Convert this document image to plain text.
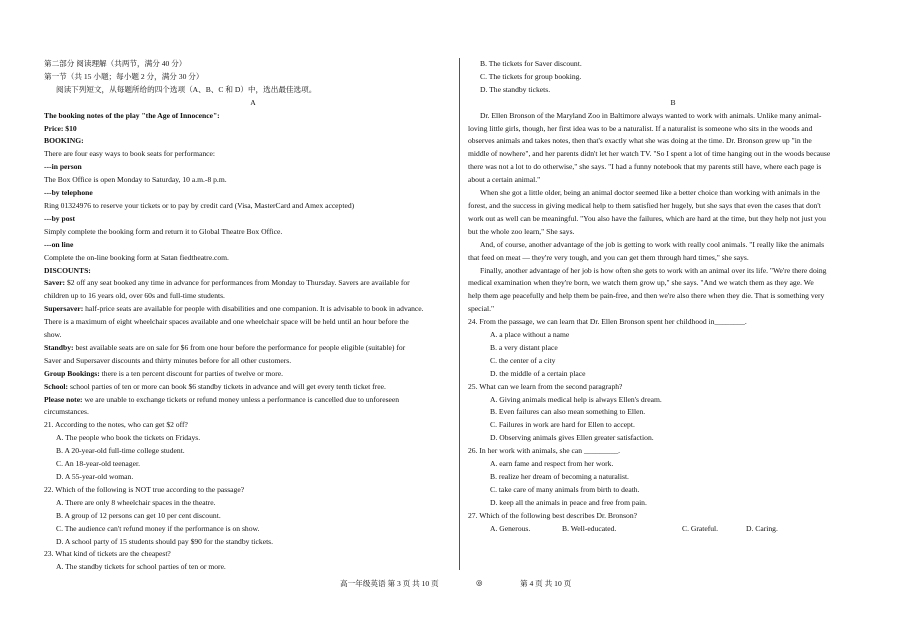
第二部分 阅读理解（共两节，满分 40 分）
第一节（共 15 小题；每小题 2 分，满分 30 分）
阅读下列短文，从每题所给的四个选项（A、B、C 和 D）中，选出最佳选项。
A
The booking notes of the play "the Age of Innocence":
Price: $10
BOOKING:
There are four easy ways to book seats for performance:
---in person
The Box Office is open Monday to Saturday, 10 a.m.-8 p.m.
---by telephone
Ring 01324976 to reserve your tickets or to pay by credit card (Visa, MasterCard and Amex accepted)
---by post
Simply complete the booking form and return it to Global Theatre Box Office.
---on line
Complete the on-line booking form at Satan fiedtheatre.com.
DISCOUNTS:
Saver: $2 off any seat booked any time in advance for performances from Monday to Thursday. Savers are available for
children up to 16 years old, over 60s and full-time students.
Supersaver: half-price seats are available for people with disabilities and one companion. It is advisable to book in advance.
There is a maximum of eight wheelchair spaces available and one wheelchair space will be held until an hour before the
show.
Standby: best available seats are on sale for $6 from one hour before the performance for people eligible (suitable) for
Saver and Supersaver discounts and thirty minutes before for all other customers.
Group Bookings: there is a ten percent discount for parties of twelve or more.
School: school parties of ten or more can book $6 standby tickets in advance and will get every tenth ticket free.
Please note: we are unable to exchange tickets or refund money unless a performance is cancelled due to unforeseen
circumstances.
21. According to the notes, who can get $2 off?
A. The people who book the tickets on Fridays.
B. A 20-year-old full-time college student.
C. An 18-year-old teenager.
D. A 55-year-old woman.
22. Which of the following is NOT true according to the passage?
A. There are only 8 wheelchair spaces in the theatre.
B. A group of 12 persons can get 10 per cent discount.
C. The audience can't refund money if the performance is on show.
D. A school party of 15 students should pay $90 for the standby tickets.
23. What kind of tickets are the cheapest?
A. The standby tickets for school parties of ten or more.
B. The tickets for Saver discount.
C. The tickets for group booking.
D. The standby tickets.
B
Dr. Ellen Bronson of the Maryland Zoo in Baltimore always wanted to work with animals. Unlike many animal-
loving little girls, though, her first idea was to be a naturalist. If a naturalist is someone who sits in the woods and
observes animals and takes notes, then that's exactly what she was doing at the time. Dr. Bronson grew up "in the
middle of nowhere", and her parents didn't let her watch TV. "So I spent a lot of time hanging out in the woods because
there was not a lot to do otherwise," she says. "I had a funny notebook that my parents still have, where each page is
about a certain animal."
When she got a little older, being an animal doctor seemed like a better choice than working with animals in the
forest, and the success in giving medical help to them satisfied her hugely, but she says that even the cases that don't
work out as well can be meaningful. "You also have the failures, which are hard at the time, but they help not just you
but the whole zoo learn," She says.
And, of course, another advantage of the job is getting to work with really cool animals. "I really like the animals
that feed on meat — they're very tough, and you can get them through hard times," she says.
Finally, another advantage of her job is how often she gets to work with an animal over its life. "We're there doing
medical examination when they're born, we watch them grow up," she says. "And we watch them as they age. We
help them age peacefully and help them be pain-free, and then we're also there when they die. That is something very
special."
24. From the passage, we can learn that Dr. Ellen Bronson spent her childhood in________.
A. a place without a name
B. a very distant place
C. the center of a city
D. the middle of a certain place
25. What can we learn from the second paragraph?
A. Giving animals medical help is always Ellen's dream.
B. Even failures can also mean something to Ellen.
C. Failures in work are hard for Ellen to accept.
D. Observing animals gives Ellen greater satisfaction.
26. In her work with animals, she can _________.
A. earn fame and respect from her work.
B. realize her dream of becoming a naturalist.
C. take care of many animals from birth to death.
D. keep all the animals in peace and free from pain.
27. Which of the following best describes Dr. Bronson?
A. Generous.	B. Well-educated.	C. Grateful.	D. Caring.
高一年级英语 第 3 页 共 10 页	◎	第 4 页 共 10 页
